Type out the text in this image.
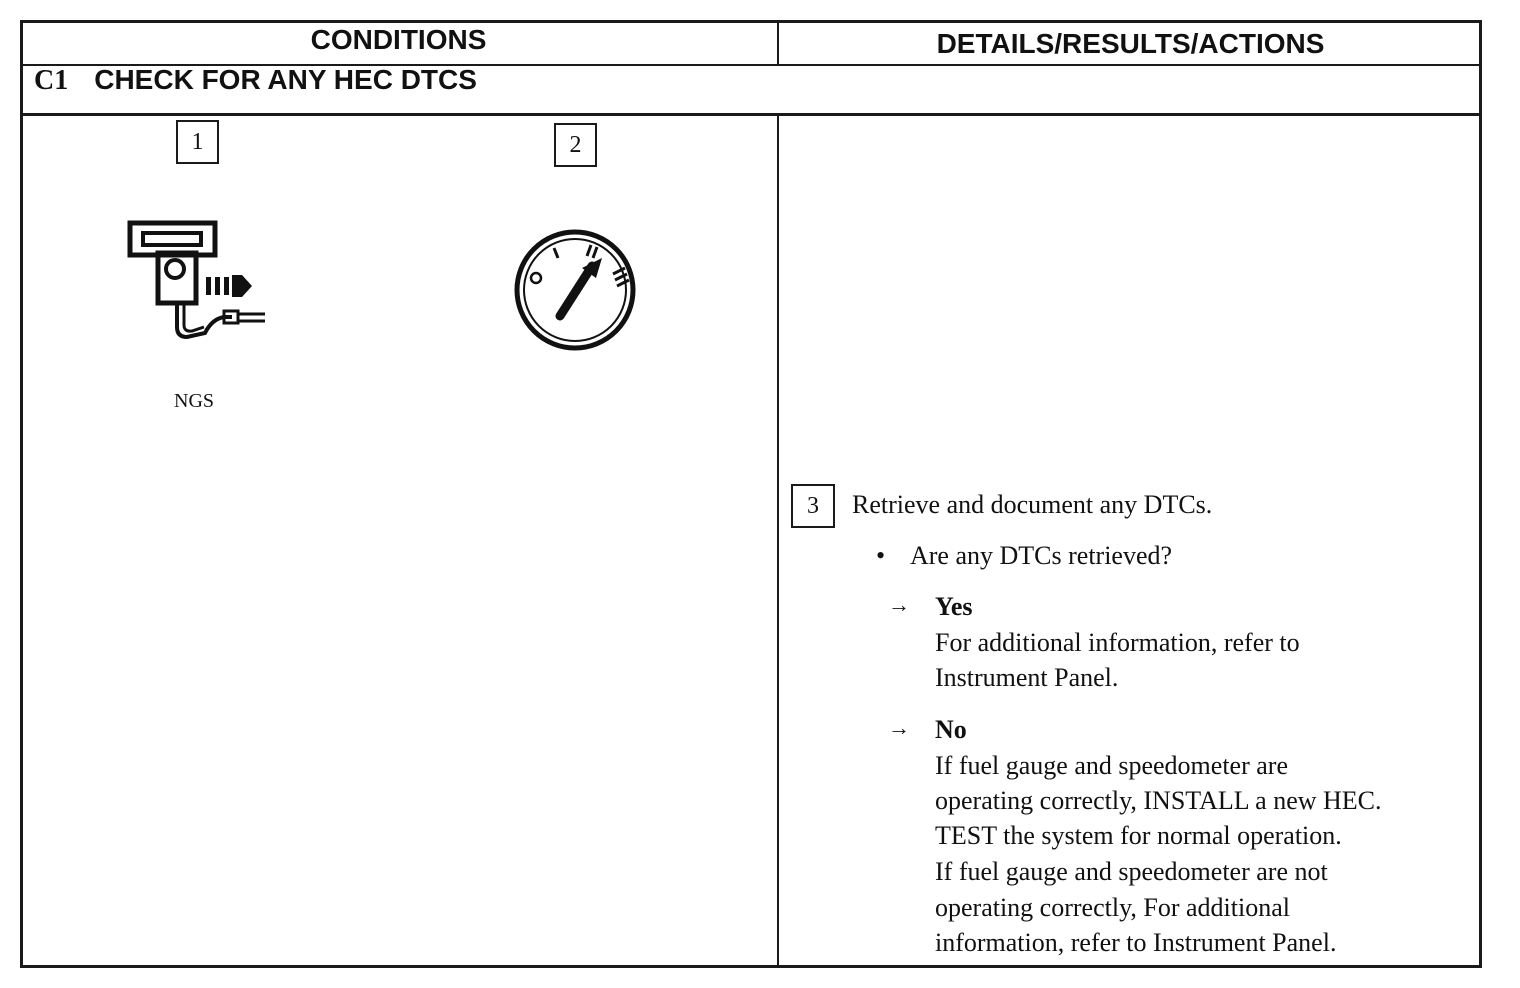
CONDITIONS	DETAILS/RESULTS/ACTIONS
C1 CHECK FOR ANY HEC DTCS
1	2
NGS
3	Retrieve and document any DTCs.
• Are any DTCs retrieved?
→ Yes
For additional information, refer to
Instrument Panel.
→ No
If fuel gauge and speedometer are
operating correctly, INSTALL a new HEC.
TEST the system for normal operation.
If fuel gauge and speedometer are not
operating correctly, For additional
information, refer to Instrument Panel.
